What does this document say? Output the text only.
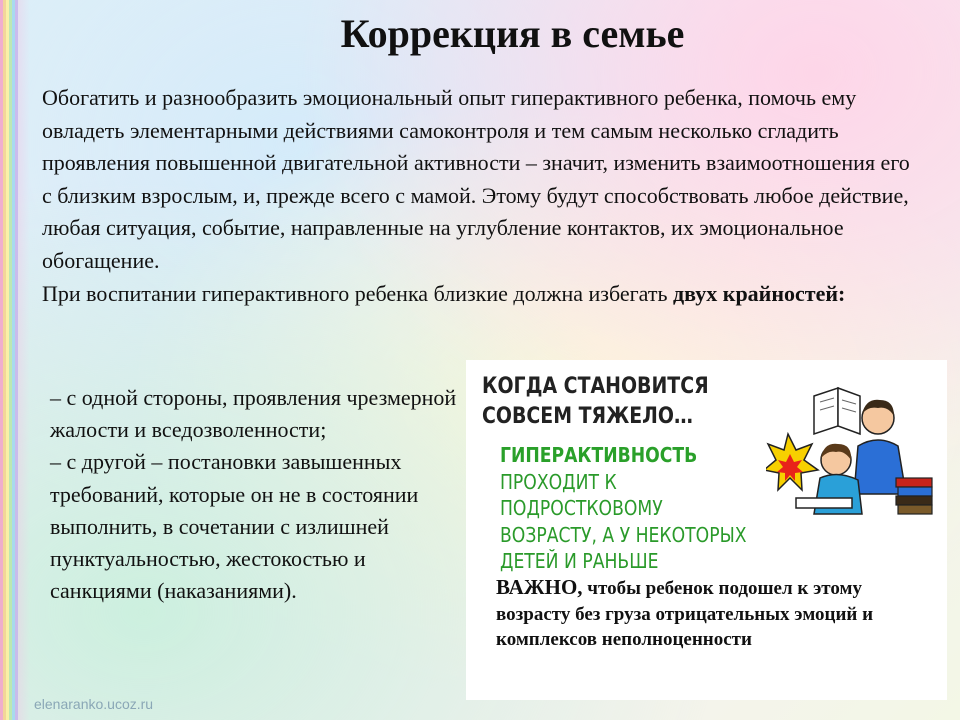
Коррекция в семье

Обогатить и разнообразить эмоциональный опыт гиперактивного ребенка, помочь ему овладеть элементарными действиями самоконтроля и тем самым несколько сгладить проявления повышенной двигательной активности – значит, изменить взаимоотношения его с близким взрослым, и, прежде всего с мамой. Этому будут способствовать любое действие, любая ситуация, событие, направленные на углубление контактов, их эмоциональное обогащение.

При воспитании гиперактивного ребенка близкие должна избегать двух крайностей:

– с одной стороны, проявления чрезмерной жалости и вседозволенности;

– с другой – постановки завышенных требований, которые он не в состоянии выполнить, в сочетании с излишней пунктуальностью, жестокостью и санкциями (наказаниями).

КОГДА СТАНОВИТСЯ
СОВСЕМ ТЯЖЕЛО…
ГИПЕРАКТИВНОСТЬ
ПРОХОДИТ К
ПОДРОСТКОВОМУ
ВОЗРАСТУ, А У НЕКОТОРЫХ
ДЕТЕЙ И РАНЬШЕ
ВАЖНО, чтобы ребенок подошел к этому возрасту без груза отрицательных эмоций и комплексов неполноценности
elenaranko.ucoz.ru
